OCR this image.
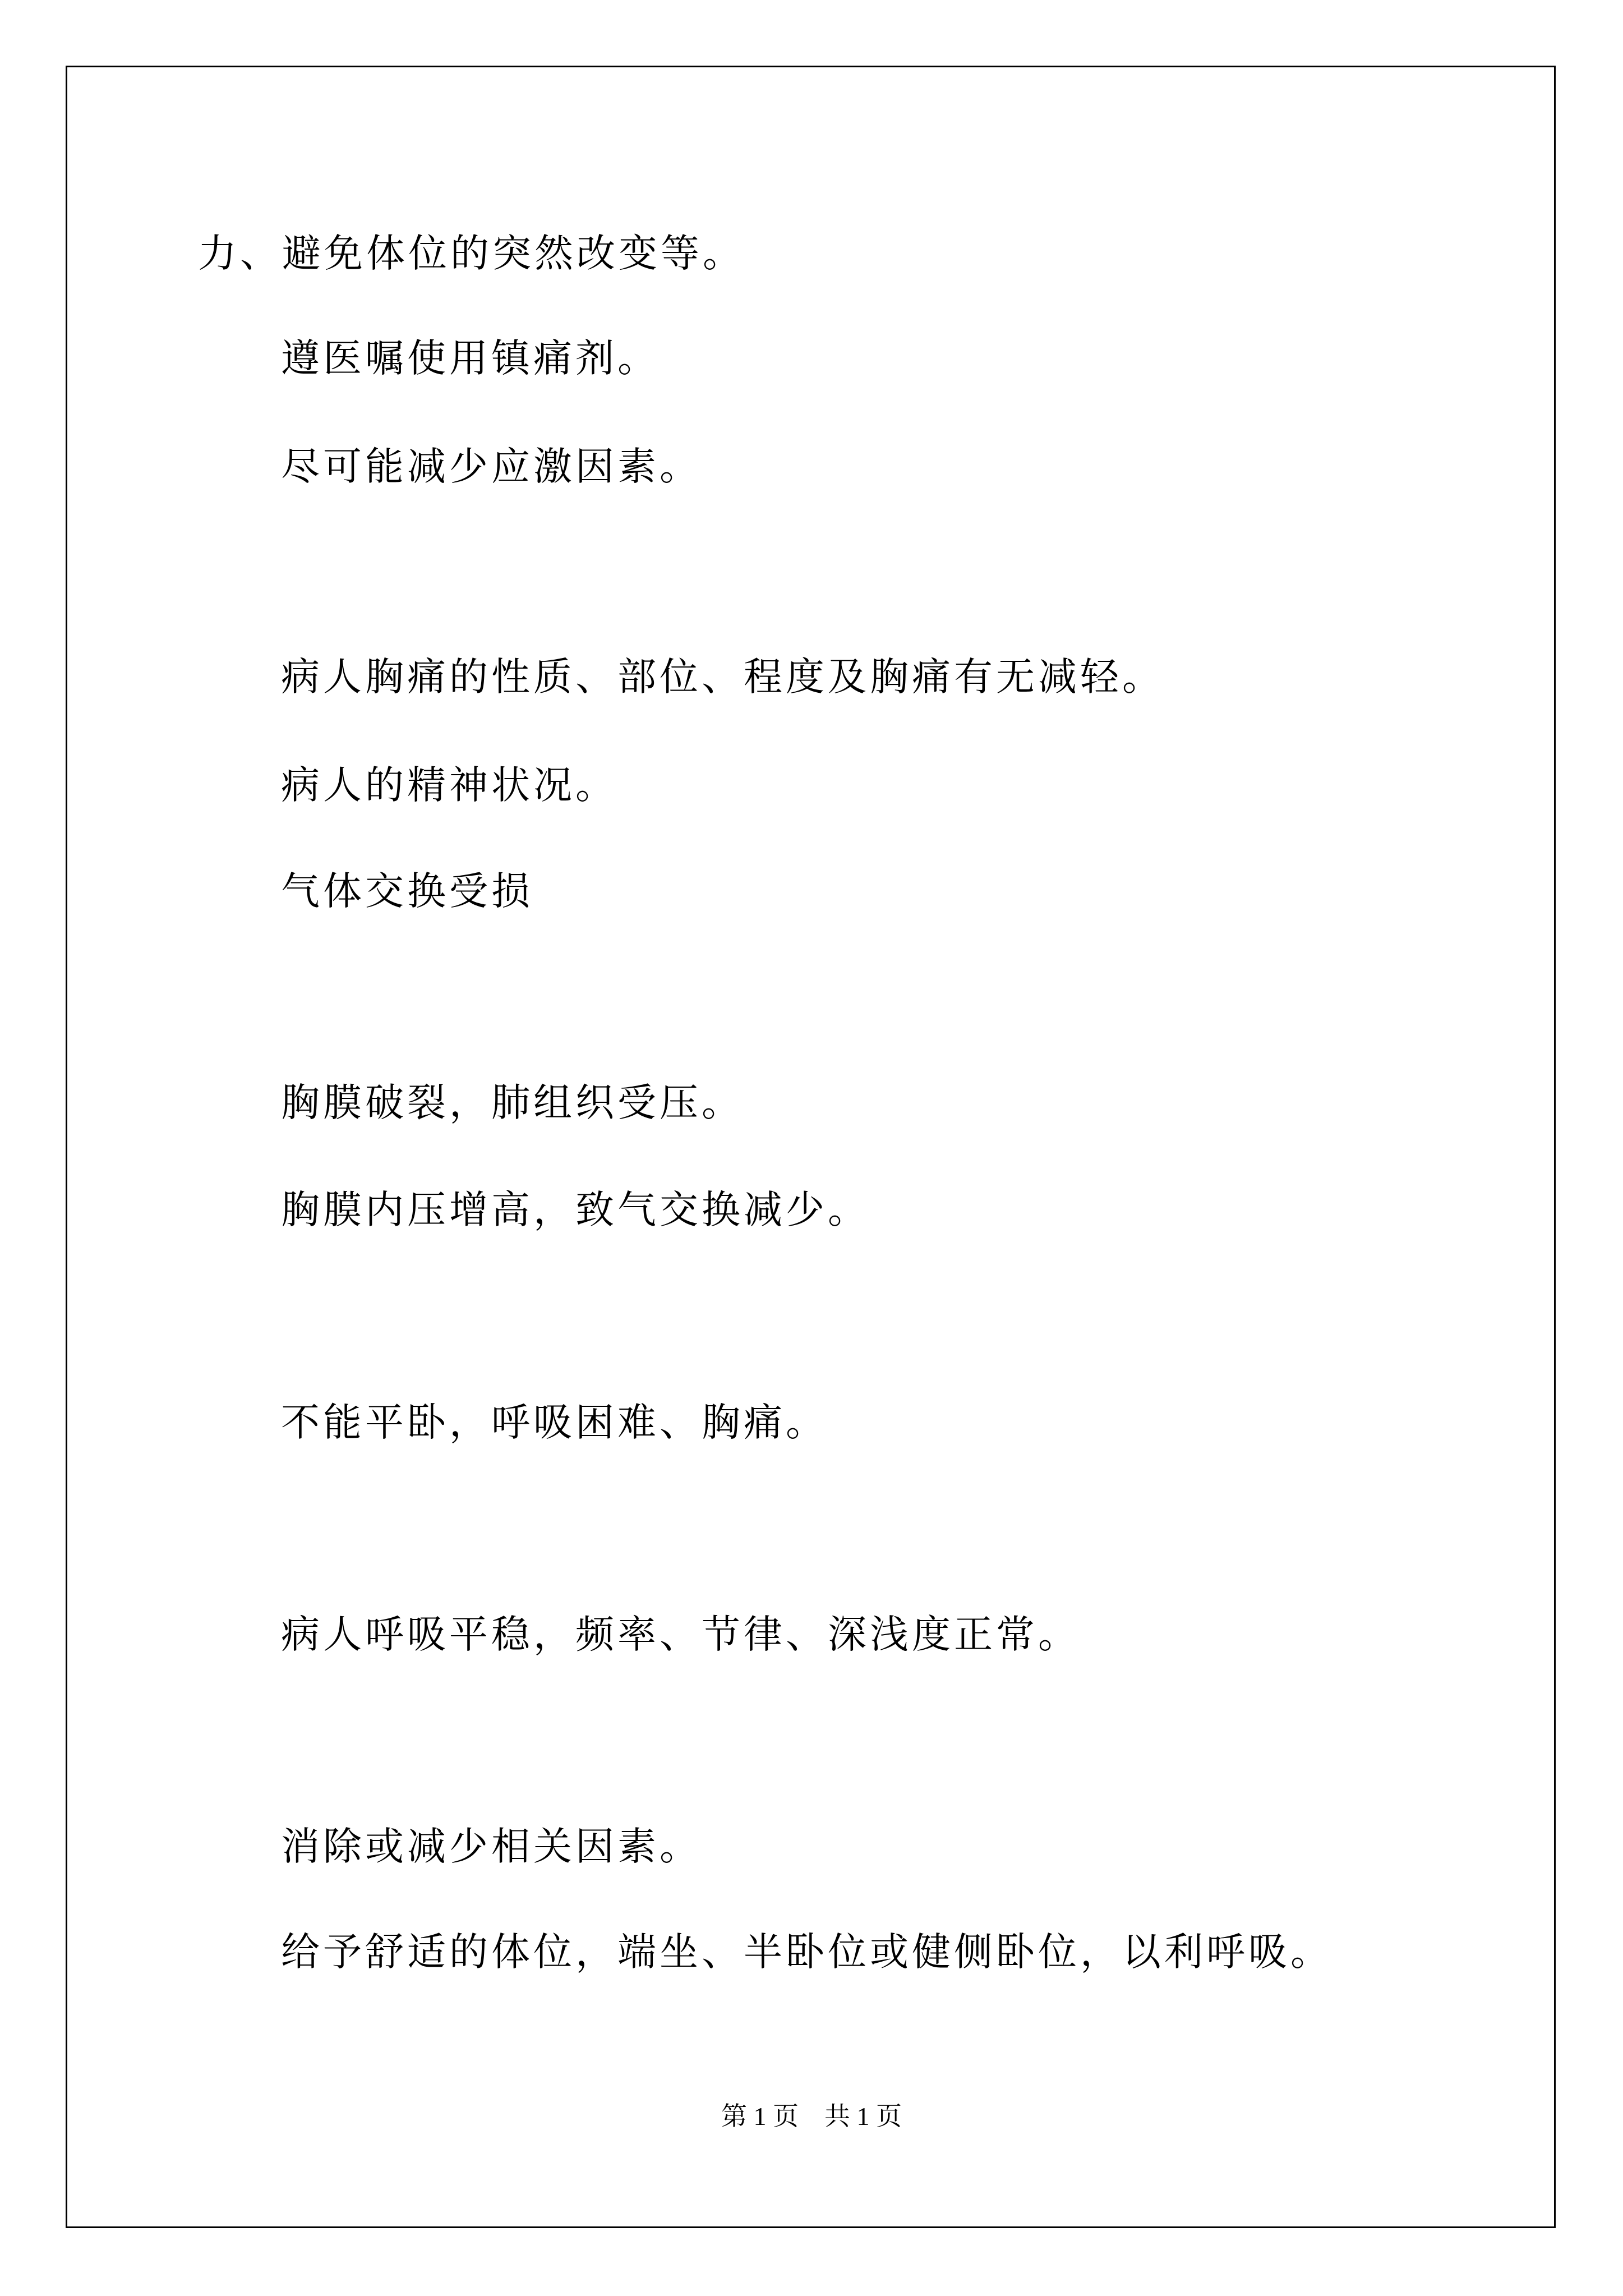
力、避免体位的突然改变等。
遵医嘱使用镇痛剂。
尽可能减少应激因素。
病人胸痛的性质、部位、程度及胸痛有无减轻。
病人的精神状况。
气体交换受损
胸膜破裂，肺组织受压。
胸膜内压增高，致气交换减少。
不能平卧，呼吸困难、胸痛。
病人呼吸平稳，频率、节律、深浅度正常。
消除或减少相关因素。
给予舒适的体位，端坐、半卧位或健侧卧位，以利呼吸。
第 1 页　共 1 页
